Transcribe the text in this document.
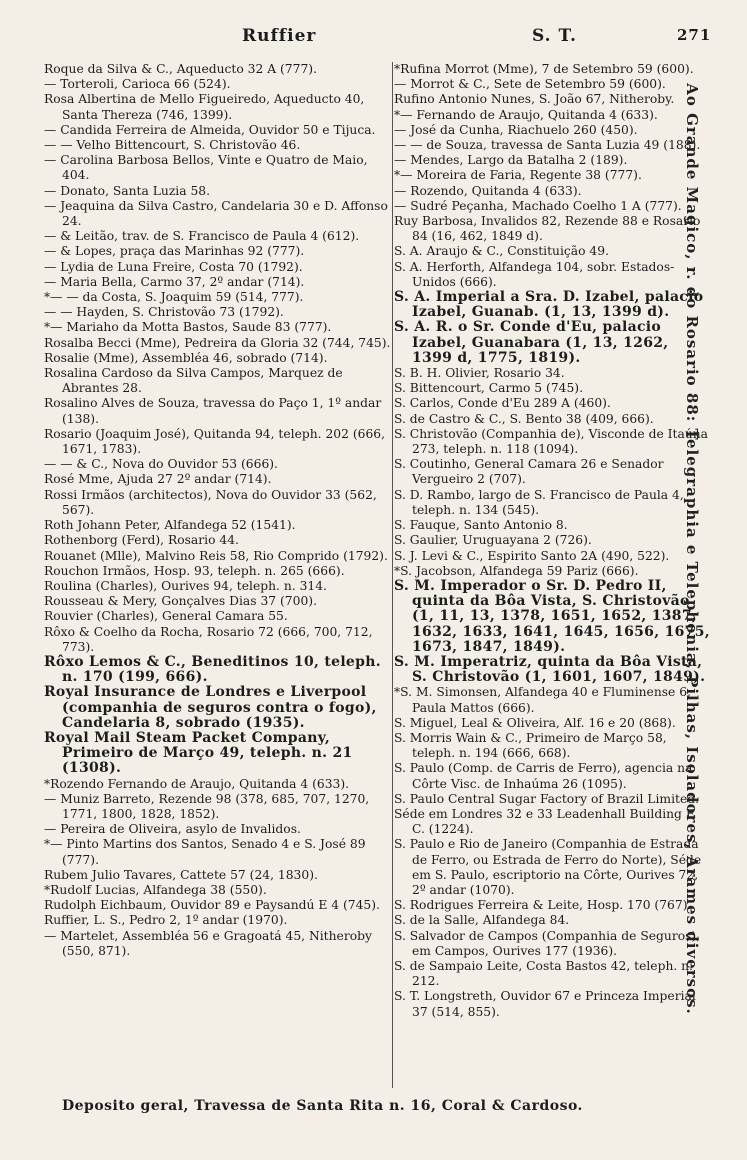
Ruffier	S. T.	271
Roque da Silva & C., Aqueducto 32 A (777).
— Torteroli, Carioca 66 (524).
Rosa Albertina de Mello Figueiredo, Aqueducto 40, Santa Thereza (746, 1399).
— Candida Ferreira de Almeida, Ouvidor 50 e Tijuca.
— — Velho Bittencourt, S. Christovão 46.
— Carolina Barbosa Bellos, Vinte e Quatro de Maio, 404.
— Donato, Santa Luzia 58.
— Jeaquina da Silva Castro, Candelaria 30 e D. Affonso 24.
— & Leitão, trav. de S. Francisco de Paula 4 (612).
— & Lopes, praça das Marinhas 92 (777).
— Lydia de Luna Freire, Costa 70 (1792).
— Maria Bella, Carmo 37, 2º andar (714).
*— — da Costa, S. Joaquim 59 (514, 777).
— — Hayden, S. Christovão 73 (1792).
*— Mariaho da Motta Bastos, Saude 83 (777).
Rosalba Becci (Mme), Pedreira da Gloria 32 (744, 745).
Rosalie (Mme), Assembléa 46, sobrado (714).
Rosalina Cardoso da Silva Campos, Marquez de Abrantes 28.
Rosalino Alves de Souza, travessa do Paço 1, 1º andar (138).
Rosario (Joaquim José), Quitanda 94, teleph. 202 (666, 1671, 1783).
— — & C., Nova do Ouvidor 53 (666).
Rosé Mme, Ajuda 27 2º andar (714).
Rossi Irmãos (architectos), Nova do Ouvidor 33 (562, 567).
Roth Johann Peter, Alfandega 52 (1541).
Rothenborg (Ferd), Rosario 44.
Rouanet (Mlle), Malvino Reis 58, Rio Comprido (1792).
Rouchon Irmãos, Hosp. 93, teleph. n. 265 (666).
Roulina (Charles), Ourives 94, teleph. n. 314.
Rousseau & Mery, Gonçalves Dias 37 (700).
Rouvier (Charles), General Camara 55.
Rôxo & Coelho da Rocha, Rosario 72 (666, 700, 712, 773).
Rôxo Lemos & C., Beneditinos 10, teleph. n. 170 (199, 666).
Royal Insurance de Londres e Liverpool (companhia de seguros contra o fogo), Candelaria 8, sobrado (1935).
Royal Mail Steam Packet Company, Primeiro de Março 49, teleph. n. 21 (1308).
*Rozendo Fernando de Araujo, Quitanda 4 (633).
— Muniz Barreto, Rezende 98 (378, 685, 707, 1270, 1771, 1800, 1828, 1852).
— Pereira de Oliveira, asylo de Invalidos.
*— Pinto Martins dos Santos, Senado 4 e S. José 89 (777).
Rubem Julio Tavares, Cattete 57 (24, 1830).
*Rudolf Lucias, Alfandega 38 (550).
Rudolph Eichbaum, Ouvidor 89 e Paysandú E 4 (745).
Ruffier, L. S., Pedro 2, 1º andar (1970).
— Martelet, Assembléa 56 e Gragoatá 45, Nitheroby (550, 871).
*Rufina Morrot (Mme), 7 de Setembro 59 (600).
— Morrot & C., Sete de Setembro 59 (600).
Rufino Antonio Nunes, S. João 67, Nitheroby.
*— Fernando de Araujo, Quitanda 4 (633).
— José da Cunha, Riachuelo 260 (450).
— — de Souza, travessa de Santa Luzia 49 (188).
— Mendes, Largo da Batalha 2 (189).
*— Moreira de Faria, Regente 38 (777).
— Rozendo, Quitanda 4 (633).
— Sudré Peçanha, Machado Coelho 1 A (777).
Ruy Barbosa, Invalidos 82, Rezende 88 e Rosario 84 (16, 462, 1849 d).
S. A. Araujo & C., Constituição 49.
S. A. Herforth, Alfandega 104, sobr. Estados-Unidos (666).
S. A. Imperial a Sra. D. Izabel, palacio Izabel, Guanab. (1, 13, 1399 d).
S. A. R. o Sr. Conde d'Eu, palacio Izabel, Guanabara (1, 13, 1262, 1399 d, 1775, 1819).
S. B. H. Olivier, Rosario 34.
S. Bittencourt, Carmo 5 (745).
S. Carlos, Conde d'Eu 289 A (460).
S. de Castro & C., S. Bento 38 (409, 666).
S. Christovão (Companhia de), Visconde de Itaúna 273, teleph. n. 118 (1094).
S. Coutinho, General Camara 26 e Senador Vergueiro 2 (707).
S. D. Rambo, largo de S. Francisco de Paula 4, teleph. n. 134 (545).
S. Fauque, Santo Antonio 8.
S. Gaulier, Uruguayana 2 (726).
S. J. Levi & C., Espirito Santo 2A (490, 522).
*S. Jacobson, Alfandega 59 Pariz (666).
S. M. Imperador o Sr. D. Pedro II, quinta da Bôa Vista, S. Christovão (1, 11, 13, 1378, 1651, 1652, 1387, 1632, 1633, 1641, 1645, 1656, 1675, 1673, 1847, 1849).
S. M. Imperatriz, quinta da Bôa Vista, S. Christovão (1, 1601, 1607, 1849).
*S. M. Simonsen, Alfandega 40 e Fluminense 6, Paula Mattos (666).
S. Miguel, Leal & Oliveira, Alf. 16 e 20 (868).
S. Morris Wain & C., Primeiro de Março 58, teleph. n. 194 (666, 668).
S. Paulo (Comp. de Carris de Ferro), agencia na Côrte Visc. de Inhaúma 26 (1095).
S. Paulo Central Sugar Factory of Brazil Limited.
Séde em Londres 32 e 33 Leadenhall Building F. C. (1224).
S. Paulo e Rio de Janeiro (Companhia de Estrada de Ferro, ou Estrada de Ferro do Norte), Séde em S. Paulo, escriptorio na Côrte, Ourives 72, 2º andar (1070).
S. Rodrigues Ferreira & Leite, Hosp. 170 (767).
S. de la Salle, Alfandega 84.
S. Salvador de Campos (Companhia de Seguros), em Campos, Ourives 177 (1936).
S. de Sampaio Leite, Costa Bastos 42, teleph. n. 212.
S. T. Longstreth, Ouvidor 67 e Princeza Imperial 37 (514, 855).
Deposito geral, Travessa de Santa Rita n. 16, Coral & Cardoso.
Ao Grande Magico, r. do Rosario 88: Telegraphia e Telephonia, Pilhas, Isoladores, Arames diversos.
